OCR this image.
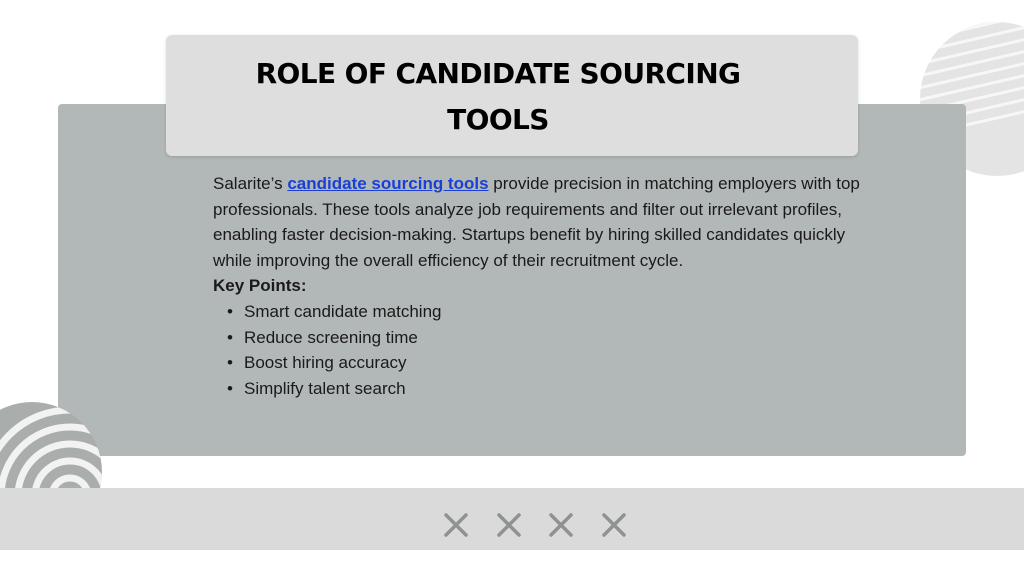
ROLE OF CANDIDATE SOURCING TOOLS

Salarite’s candidate sourcing tools provide precision in matching employers with top professionals. These tools analyze job requirements and filter out irrelevant profiles, enabling faster decision-making. Startups benefit by hiring skilled candidates quickly while improving the overall efficiency of their recruitment cycle.

Key Points:

• Smart candidate matching
• Reduce screening time
• Boost hiring accuracy
• Simplify talent search
